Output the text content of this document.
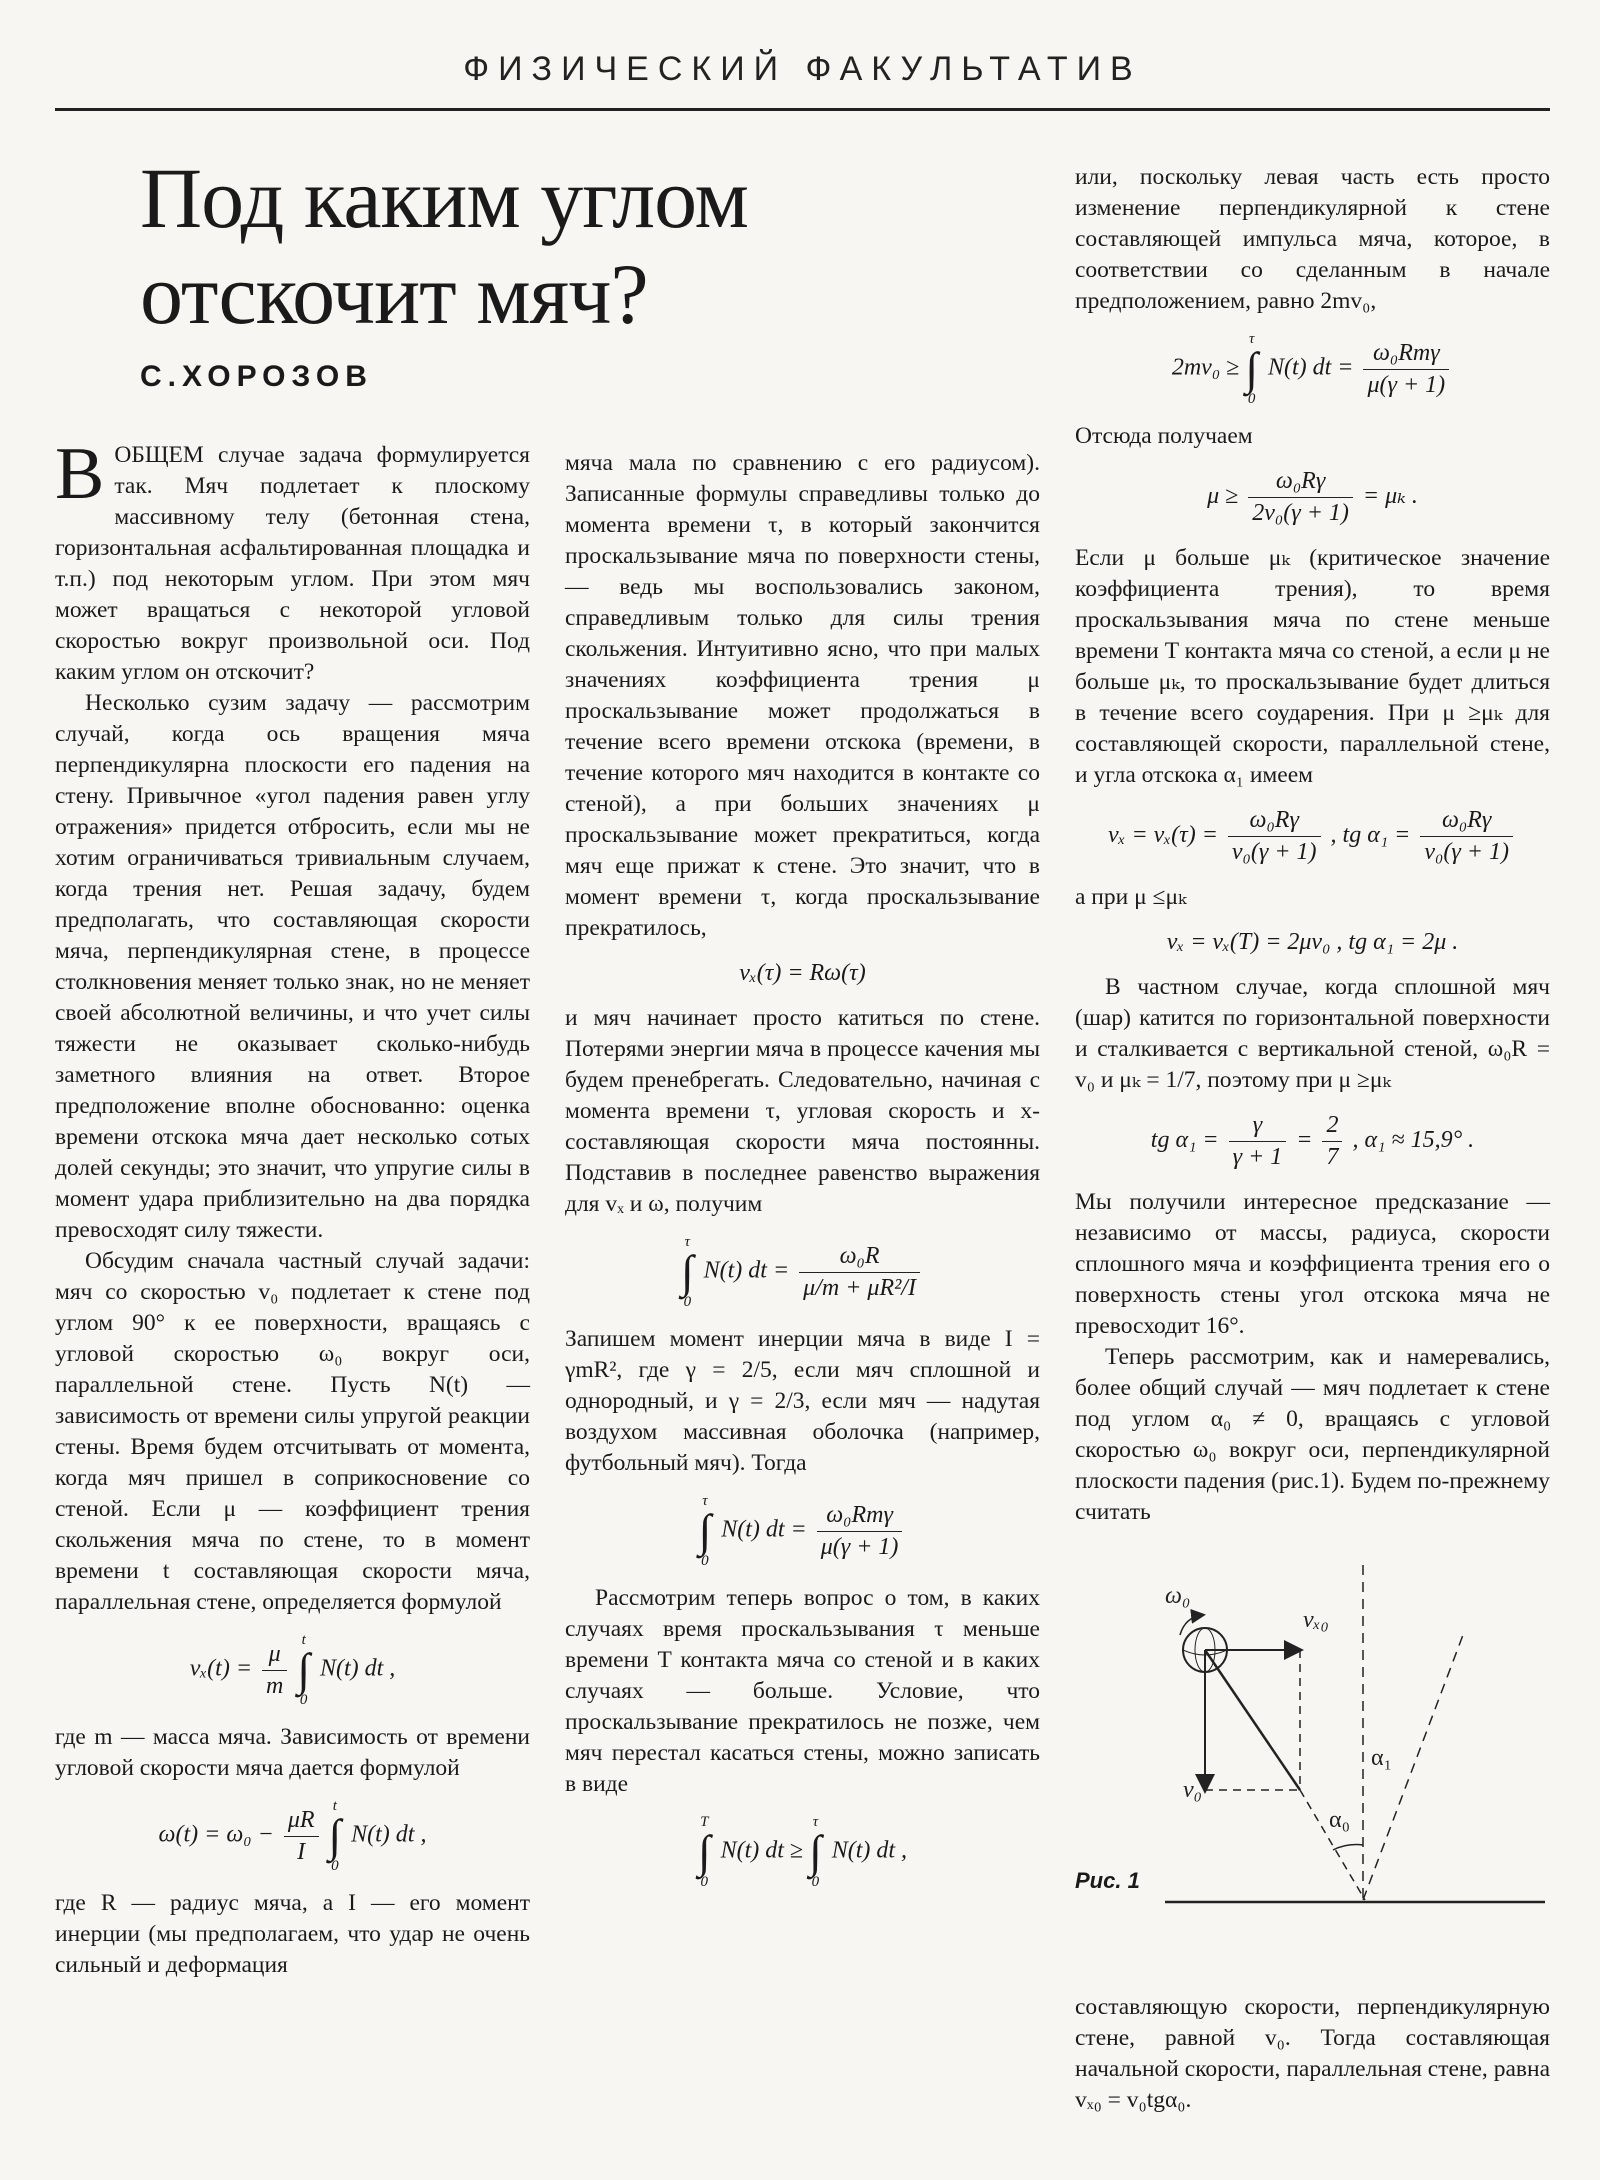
ФИЗИЧЕСКИЙ ФАКУЛЬТАТИВ
Под каким углом отскочит мяч?
С.ХОРОЗОВ

ВОБЩЕМ случае задача формулируется так. Мяч подлетает к плоскому массивному телу (бетонная стена, горизонтальная асфальтированная площадка и т.п.) под некоторым углом. При этом мяч может вращаться с некоторой угловой скоростью вокруг произвольной оси. Под каким углом он отскочит?

Несколько сузим задачу — рассмотрим случай, когда ось вращения мяча перпендикулярна плоскости его падения на стену. Привычное «угол падения равен углу отражения» придется отбросить, если мы не хотим ограничиваться тривиальным случаем, когда трения нет. Решая задачу, будем предполагать, что составляющая скорости мяча, перпендикулярная стене, в процессе столкновения меняет только знак, но не меняет своей абсолютной величины, и что учет силы тяжести не оказывает сколько-нибудь заметного влияния на ответ. Второе предположение вполне обоснованно: оценка времени отскока мяча дает несколько сотых долей секунды; это значит, что упругие силы в момент удара приблизительно на два порядка превосходят силу тяжести.

Обсудим сначала частный случай задачи: мяч со скоростью v₀ подлетает к стене под углом 90° к ее поверхности, вращаясь с угловой скоростью ω₀ вокруг оси, параллельной стене. Пусть N(t) — зависимость от времени силы упругой реакции стены. Время будем отсчитывать от момента, когда мяч пришел в соприкосновение со стеной. Если μ — коэффициент трения скольжения мяча по стене, то в момент времени t составляющая скорости мяча, параллельная стене, определяется формулой

$v_x(t) = \frac{\mu}{m}$ t
∫
0 N(t) dt ,

где m — масса мяча. Зависимость от времени угловой скорости мяча дается формулой

$\omega(t) = \omega_0 - \frac{\mu R}{I}$ t
∫
0 N(t) dt ,

где R — радиус мяча, а I — его момент инерции (мы предполагаем, что удар не очень сильный и деформация

мяча мала по сравнению с его радиусом). Записанные формулы справедливы только до момента времени τ, в который закончится проскальзывание мяча по поверхности стены, — ведь мы воспользовались законом, справедливым только для силы трения скольжения. Интуитивно ясно, что при малых значениях коэффициента трения μ проскальзывание может продолжаться в течение всего времени отскока (времени, в течение которого мяч находится в контакте со стеной), а при больших значениях μ проскальзывание может прекратиться, когда мяч еще прижат к стене. Это значит, что в момент времени τ, когда проскальзывание прекратилось,

vₓ(τ) = Rω(τ)

и мяч начинает просто катиться по стене. Потерями энергии мяча в процессе качения мы будем пренебрегать. Следовательно, начиная с момента времени τ, угловая скорость и x-составляющая скорости мяча постоянны. Подставив в последнее равенство выражения для vₓ и ω, получим

τ
∫
0 N(t) dt = $\frac{\text{ω₀R}}{\text{μ/m + μR²/I}}$

Запишем момент инерции мяча в виде I = γmR², где γ = 2/5, если мяч сплошной и однородный, и γ = 2/3, если мяч — надутая воздухом массивная оболочка (например, футбольный мяч). Тогда

τ
∫
0 N(t) dt = $\frac{\text{ω₀Rmγ}}{\mu(\gamma + 1)}$

Рассмотрим теперь вопрос о том, в каких случаях время проскальзывания τ меньше времени T контакта мяча со стеной и в каких случаях — больше. Условие, что проскальзывание прекратилось не позже, чем мяч перестал касаться стены, можно записать в виде

T
∫
0 N(t) dt ≥ τ
∫
0 N(t) dt ,

или, поскольку левая часть есть просто изменение перпендикулярной к стене составляющей импульса мяча, которое, в соответствии со сделанным в начале предположением, равно 2mv₀,

2mv₀ ≥ τ
∫
0 N(t) dt = $\frac{\text{ω₀Rmγ}}{\mu(\gamma + 1)}$

Отсюда получаем

$\mu \ge \frac{\text{ω₀Rγ}}{\text{2v₀(γ + 1)}} = \mu_k$ .

Если μ больше μₖ (критическое значение коэффициента трения), то время проскальзывания мяча по стене меньше времени T контакта мяча со стеной, а если μ не больше μₖ, то проскальзывание будет длиться в течение всего соударения. При μ ≥μₖ для составляющей скорости, параллельной стене, и угла отскока α₁ имеем

$v_x = v_x(\tau) = \frac{\text{ω₀Rγ}}{\text{v₀(γ + 1)}}$ , tg $\alpha_1 = \frac{\text{ω₀Rγ}}{\text{v₀(γ + 1)}}$

а при μ ≤μₖ

vₓ = vₓ(T) = 2μv₀ , tg α₁ = 2μ .

В частном случае, когда сплошной мяч (шар) катится по горизонтальной поверхности и сталкивается с вертикальной стеной, ω₀R = v₀ и μₖ = 1/7, поэтому при μ ≥μₖ

tg $\alpha_1 = \frac{\gamma}{\gamma + 1} = \frac{2}{7}$ , α₁ ≈ 15,9° .

Мы получили интересное предсказание — независимо от массы, радиуса, скорости сплошного мяча и коэффициента трения его о поверхность стены угол отскока мяча не превосходит 16°.

Теперь рассмотрим, как и намеревались, более общий случай — мяч подлетает к стене под углом α₀ ≠ 0, вращаясь с угловой скоростью ω₀ вокруг оси, перпендикулярной плоскости падения (рис.1). Будем по-прежнему считать

ω₀
vₓ₀
v₀
α₁
α₀
Рис. 1

составляющую скорости, перпендикулярную стене, равной v₀. Тогда составляющая начальной скорости, параллельная стене, равна vₓ₀ = v₀tgα₀.
